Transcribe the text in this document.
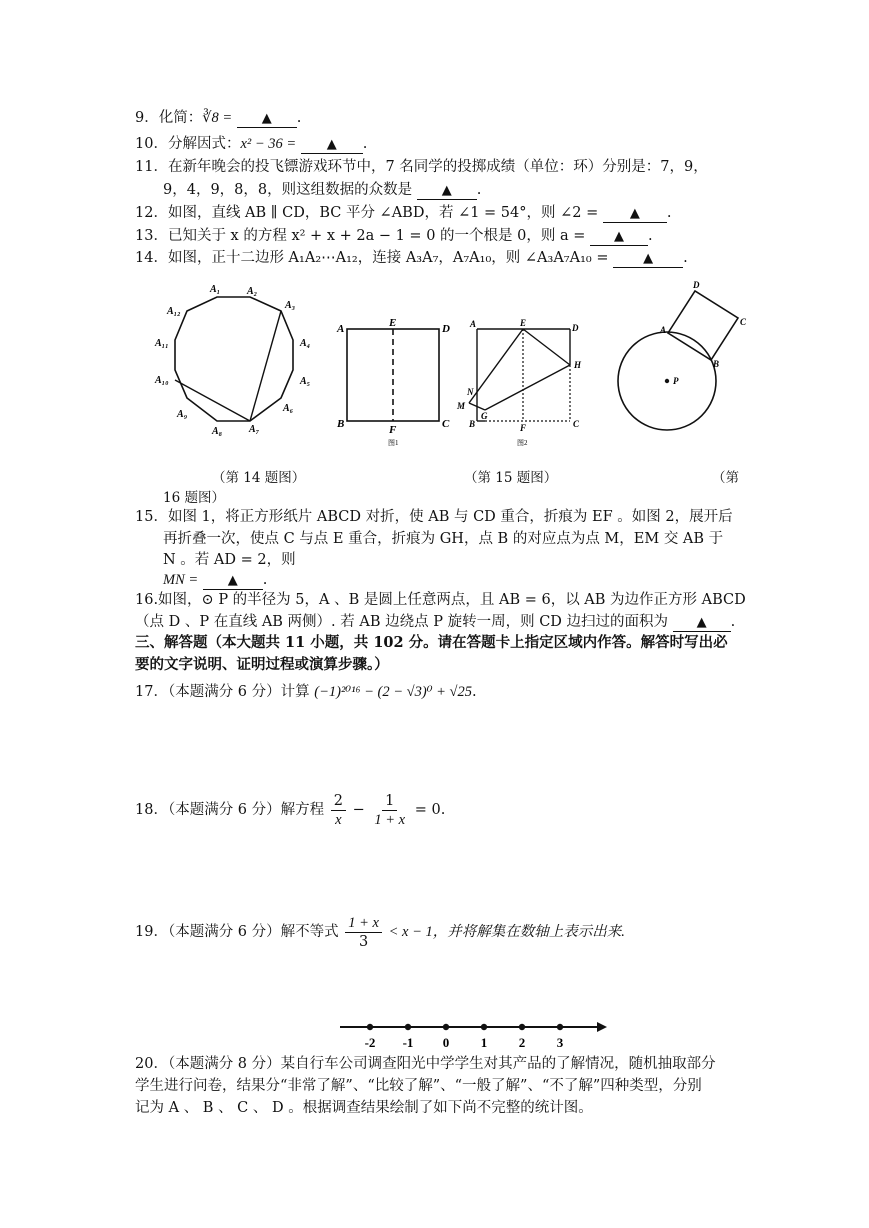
9．化简：∛8 = ▲ .
10．分解因式：x² − 36 = ▲ .
11．在新年晚会的投飞镖游戏环节中，7 名同学的投掷成绩（单位：环）分别是：7，9，
9，4，9，8，8，则这组数据的众数是 ▲ .
12．如图，直线 AB ∥ CD，BC 平分 ∠ABD，若 ∠1 = 54°，则 ∠2 = ▲ .
13．已知关于 x 的方程 x² + x + 2a − 1 = 0 的一个根是 0，则 a = ▲ .
14．如图，正十二边形 A₁A₂⋯A₁₂，连接 A₃A₇，A₇A₁₀，则 ∠A₃A₇A₁₀ =	▲ .
A₁	A₂
A₃
A₄
A₅
A₆
A₇
A₈
A₉
A₁₀
A₁₁
A₁₂
A	E	D
B	F	C
图1
A	E	D
H
N
M
G
B	F	C
图2
D
C
A
B
P
（第 14 题图）	（第 15 题图）	（第
16 题图）
15．如图 1，将正方形纸片 ABCD 对折，使 AB 与 CD 重合，折痕为 EF 。如图 2，展开后
再折叠一次，使点 C 与点 E 重合，折痕为 GH，点 B 的对应点为点 M，EM 交 AB 于
N 。若 AD = 2，则
MN = ▲ .
16.如图，⊙ P 的半径为 5，A 、B 是圆上任意两点，且 AB = 6，以 AB 为边作正方形 ABCD
（点 D 、P 在直线 AB 两侧）. 若 AB 边绕点 P 旋转一周，则 CD 边扫过的面积为 ▲ .
三、解答题（本大题共 11 小题，共 102 分。请在答题卡上指定区域内作答。解答时写出必
要的文字说明、证明过程或演算步骤。）
17．（本题满分 6 分）计算 (−1)²⁰¹⁶ − (2 − √3)⁰ + √25.
18．（本题满分 6 分）解方程 $\frac{2}{x} - \frac{1}{1 + x} = 0$.
19．（本题满分 6 分）解不等式 $\frac{1 + x}{3} < x - 1$，并将解集在数轴上表示出来.
-2 -1 0 1 2 3
20．（本题满分 8 分）某自行车公司调查阳光中学学生对其产品的了解情况，随机抽取部分
学生进行问卷，结果分“非常了解”、“比较了解”、“一般了解”、“不了解”四种类型，分别
记为 A 、 B 、 C 、 D 。根据调查结果绘制了如下尚不完整的统计图。
